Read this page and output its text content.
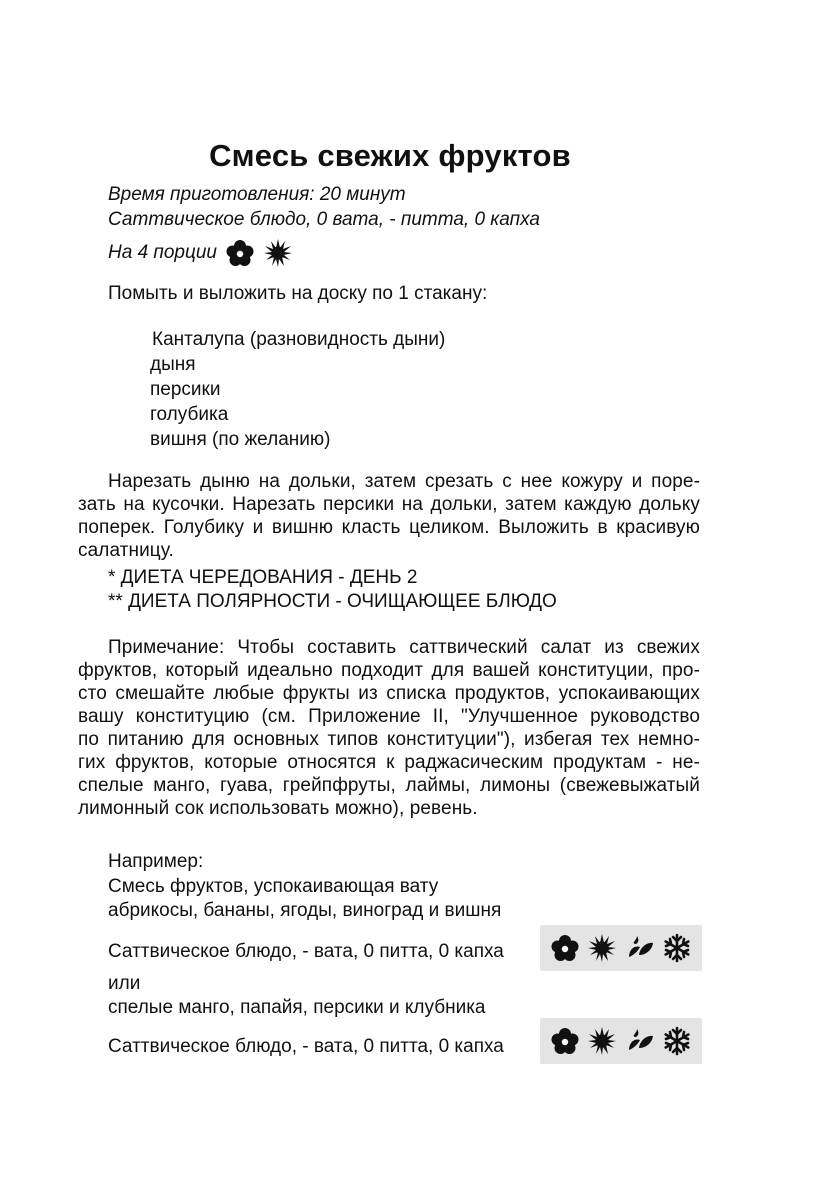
Смесь свежих фруктов
Время приготовления: 20 минут
Саттвическое блюдо, 0 вата, - питта, 0 капха
На 4 порции
Помыть и выложить на доску по 1 стакану:
Канталупа (разновидность дыни)
дыня
персики
голубика
вишня (по желанию)
Нарезать дыню на дольки, затем срезать с нее кожуру и поре-
зать на кусочки. Нарезать персики на дольки, затем каждую дольку
поперек. Голубику и вишню класть целиком. Выложить в красивую
салатницу.
* ДИЕТА ЧЕРЕДОВАНИЯ - ДЕНЬ 2
** ДИЕТА ПОЛЯРНОСТИ - ОЧИЩАЮЩЕЕ БЛЮДО
Примечание: Чтобы составить саттвический салат из свежих
фруктов, который идеально подходит для вашей конституции, про-
сто смешайте любые фрукты из списка продуктов, успокаивающих
вашу конституцию (см. Приложение II, "Улучшенное руководство
по питанию для основных типов конституции"), избегая тех немно-
гих фруктов, которые относятся к раджасическим продуктам - не-
спелые манго, гуава, грейпфруты, лаймы, лимоны (свежевыжатый
лимонный сок использовать можно), ревень.
Например:
Смесь фруктов, успокаивающая вату
абрикосы, бананы, ягоды, виноград и вишня
Саттвическое блюдо, - вата, 0 питта, 0 капха
или
спелые манго, папайя, персики и клубника
Саттвическое блюдо, - вата, 0 питта, 0 капха
